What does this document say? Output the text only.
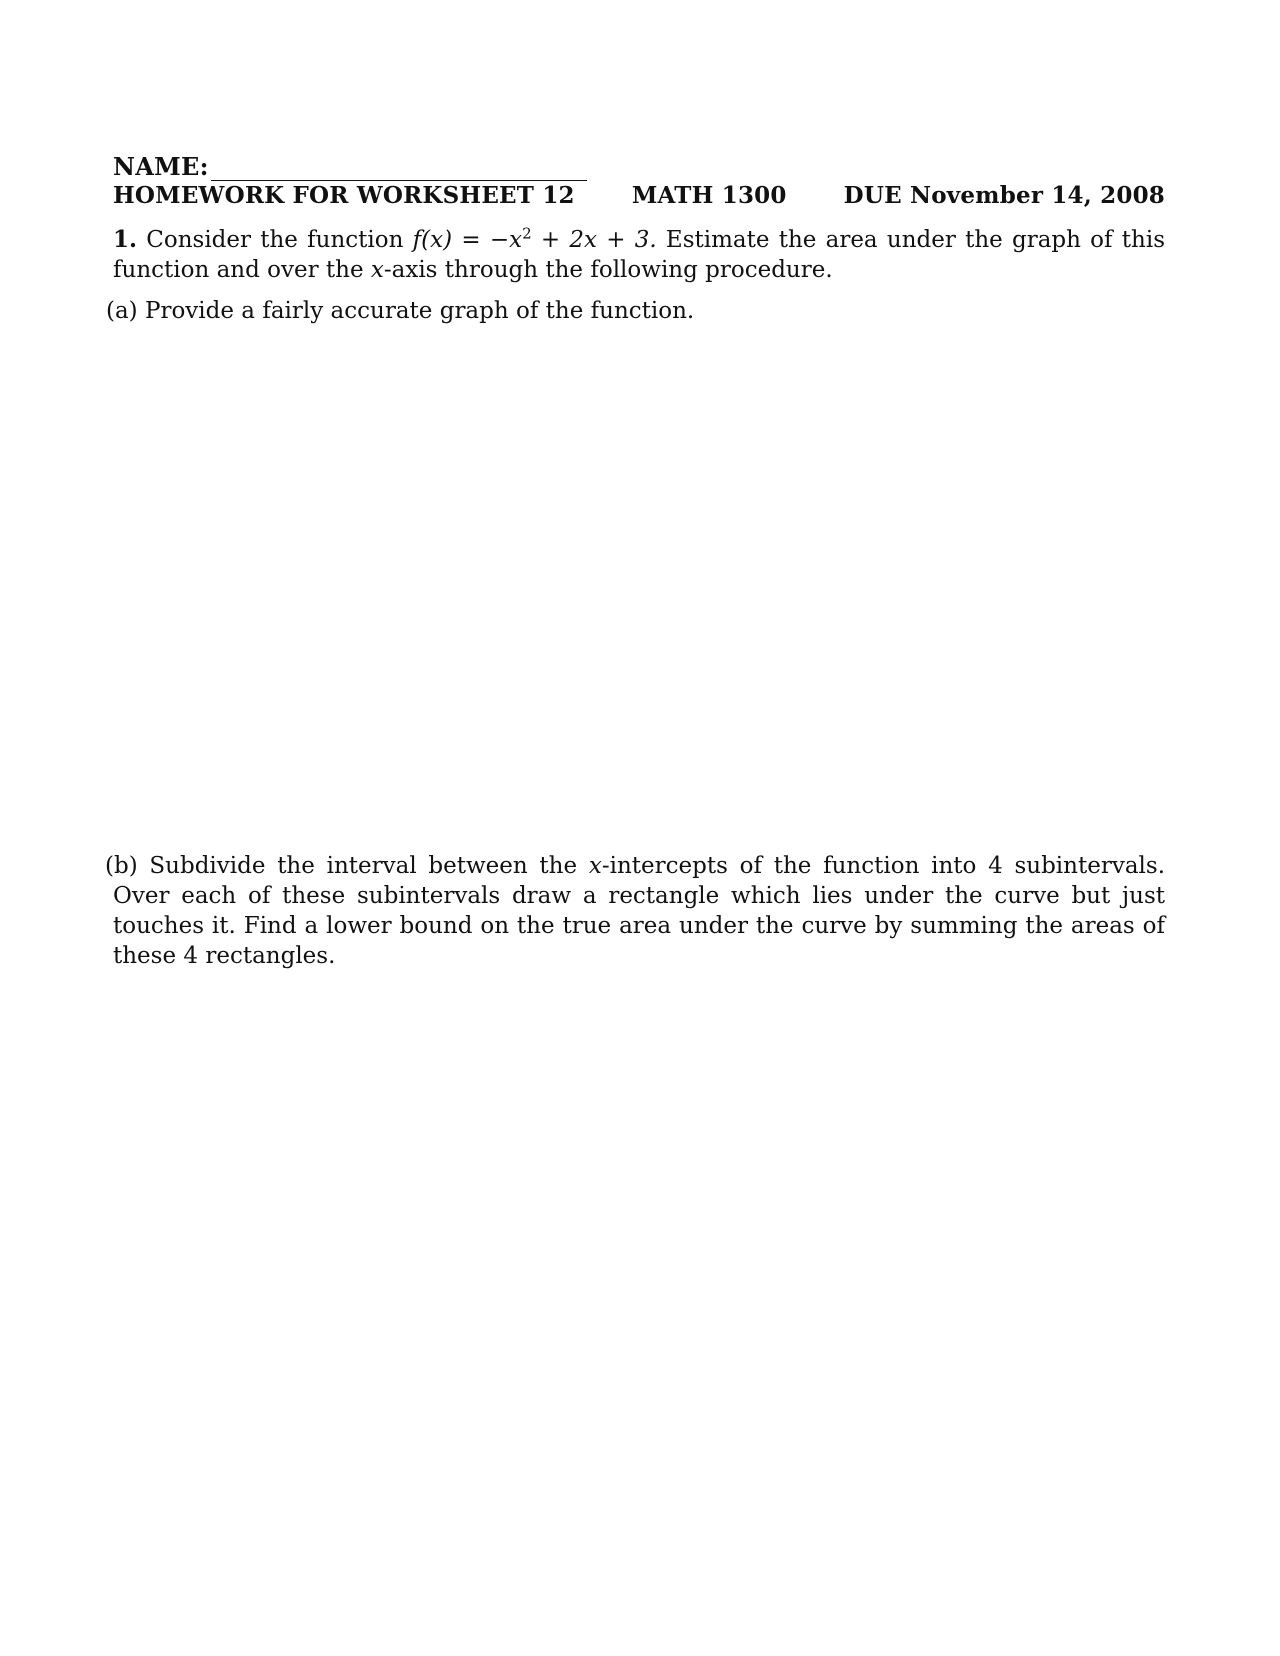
NAME:
HOMEWORK FOR WORKSHEET 12 MATH 1300 DUE November 14, 2008
1. Consider the function $f(x) = -x^2 + 2x + 3$. Estimate the area under the graph of this function and over the x-axis through the following procedure.
(a) Provide a fairly accurate graph of the function.
(b) Subdivide the interval between the x-intercepts of the function into 4 subintervals. Over each of these subintervals draw a rectangle which lies under the curve but just touches it. Find a lower bound on the true area under the curve by summing the areas of these 4 rectangles.
